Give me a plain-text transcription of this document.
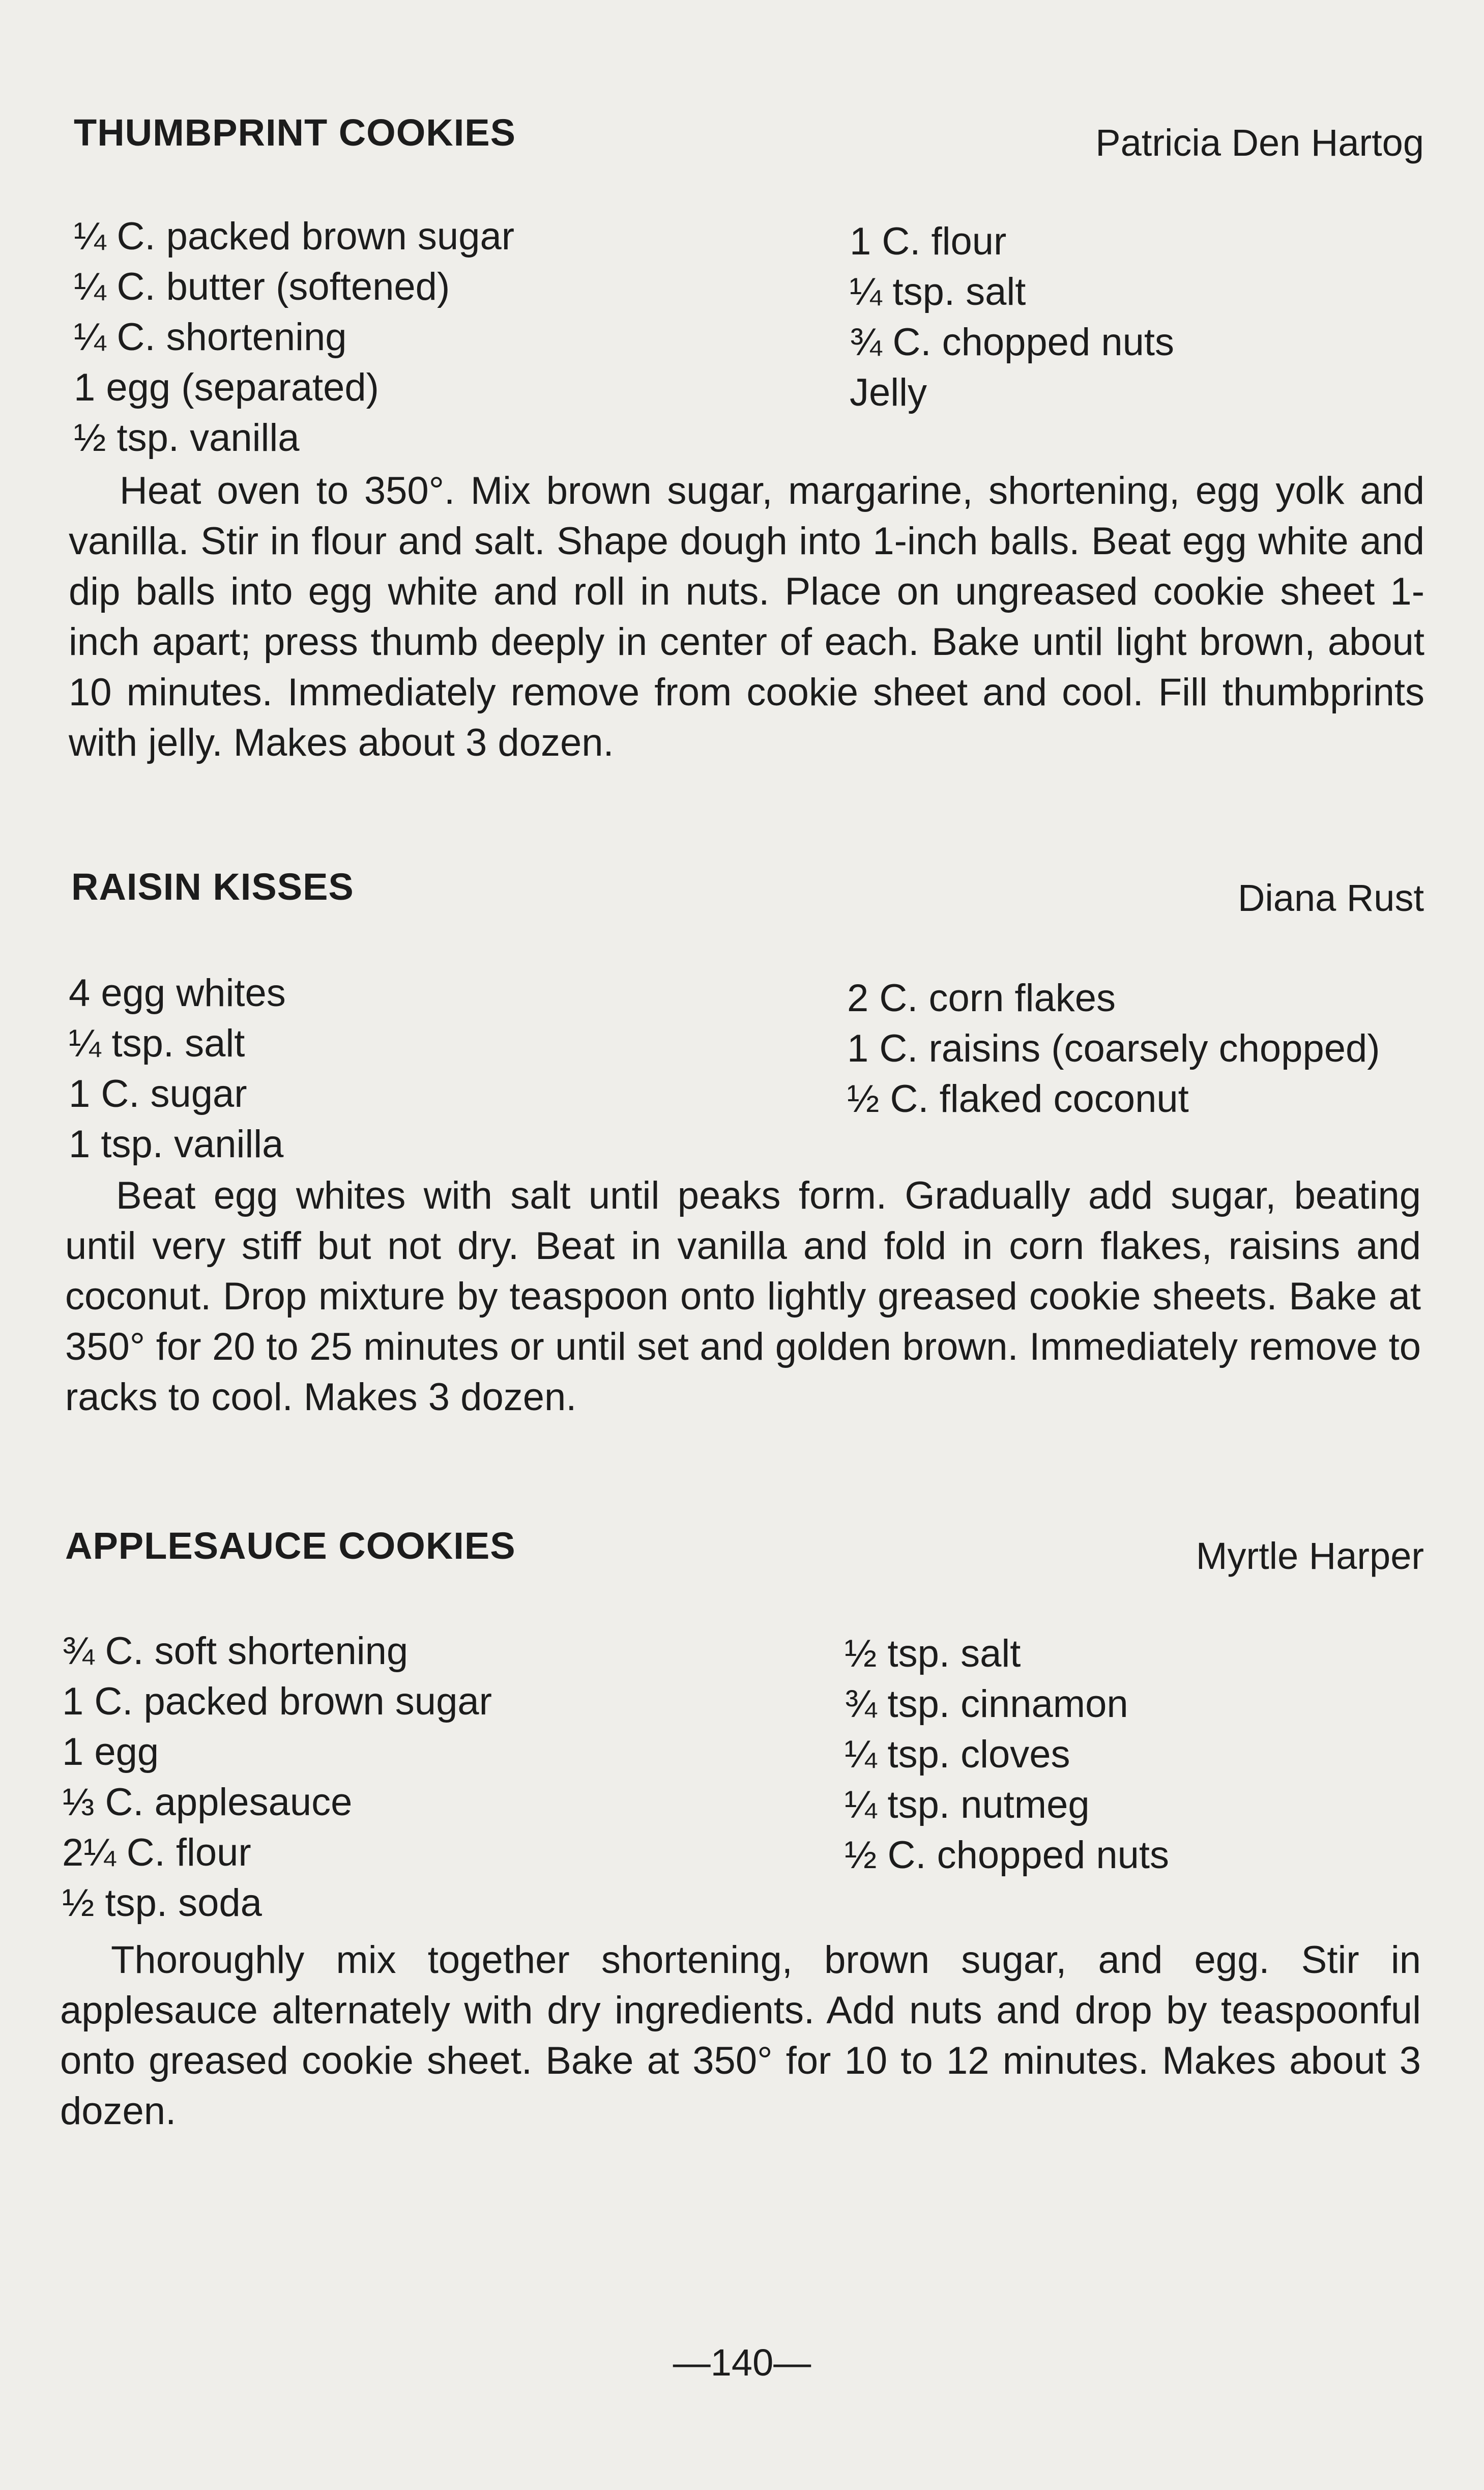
THUMBPRINT COOKIES	Patricia Den Hartog
¼ C. packed brown sugar
¼ C. butter (softened)
¼ C. shortening
1 egg (separated)
½ tsp. vanilla
1 C. flour
¼ tsp. salt
¾ C. chopped nuts
Jelly
Heat oven to 350°. Mix brown sugar, margarine, shortening, egg yolk and vanilla. Stir in flour and salt. Shape dough into 1-inch balls. Beat egg white and dip balls into egg white and roll in nuts. Place on ungreased cookie sheet 1-inch apart; press thumb deeply in center of each. Bake until light brown, about 10 minutes. Immediately remove from cookie sheet and cool. Fill thumbprints with jelly. Makes about 3 dozen.
RAISIN KISSES	Diana Rust
4 egg whites
¼ tsp. salt
1 C. sugar
1 tsp. vanilla
2 C. corn flakes
1 C. raisins (coarsely chopped)
½ C. flaked coconut
Beat egg whites with salt until peaks form. Gradually add sugar, beating until very stiff but not dry. Beat in vanilla and fold in corn flakes, raisins and coconut. Drop mixture by teaspoon onto lightly greased cookie sheets. Bake at 350° for 20 to 25 minutes or until set and golden brown. Immediately remove to racks to cool. Makes 3 dozen.
APPLESAUCE COOKIES	Myrtle Harper
¾ C. soft shortening
1 C. packed brown sugar
1 egg
⅓ C. applesauce
2¼ C. flour
½ tsp. soda
½ tsp. salt
¾ tsp. cinnamon
¼ tsp. cloves
¼ tsp. nutmeg
½ C. chopped nuts
Thoroughly mix together shortening, brown sugar, and egg. Stir in applesauce alternately with dry ingredients. Add nuts and drop by teaspoonful onto greased cookie sheet. Bake at 350° for 10 to 12 minutes. Makes about 3 dozen.
—140—
